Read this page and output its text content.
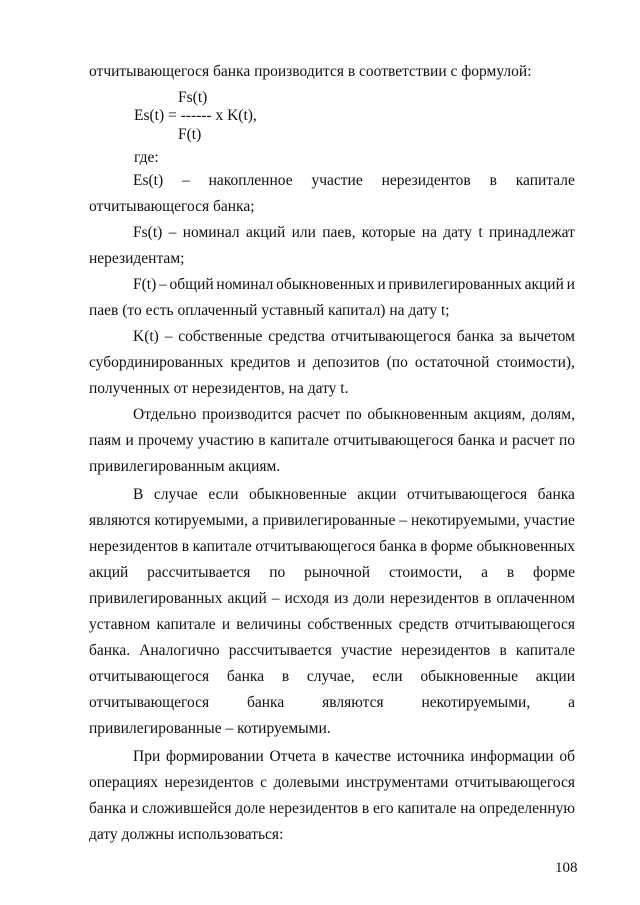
отчитывающегося банка производится в соответствии с формулой:
Fs(t)
Es(t) = ------ x K(t),
F(t)
где:
Es(t) – накопленное участие нерезидентов в капитале
отчитывающегося банка;
Fs(t) – номинал акций или паев, которые на дату t принадлежат
нерезидентам;
F(t) – общий номинал обыкновенных и привилегированных акций и
паев (то есть оплаченный уставный капитал) на дату t;
K(t) – собственные средства отчитывающегося банка за вычетом
субординированных кредитов и депозитов (по остаточной стоимости),
полученных от нерезидентов, на дату t.
Отдельно производится расчет по обыкновенным акциям, долям,
паям и прочему участию в капитале отчитывающегося банка и расчет по
привилегированным акциям.
В случае если обыкновенные акции отчитывающегося банка
являются котируемыми, а привилегированные – некотируемыми, участие
нерезидентов в капитале отчитывающегося банка в форме обыкновенных
акций рассчитывается по рыночной стоимости, а в форме
привилегированных акций – исходя из доли нерезидентов в оплаченном
уставном капитале и величины собственных средств отчитывающегося
банка. Аналогично рассчитывается участие нерезидентов в капитале
отчитывающегося банка в случае, если обыкновенные акции
отчитывающегося банка являются некотируемыми, а
привилегированные – котируемыми.
При формировании Отчета в качестве источника информации об
операциях нерезидентов с долевыми инструментами отчитывающегося
банка и сложившейся доле нерезидентов в его капитале на определенную
дату должны использоваться:
108
